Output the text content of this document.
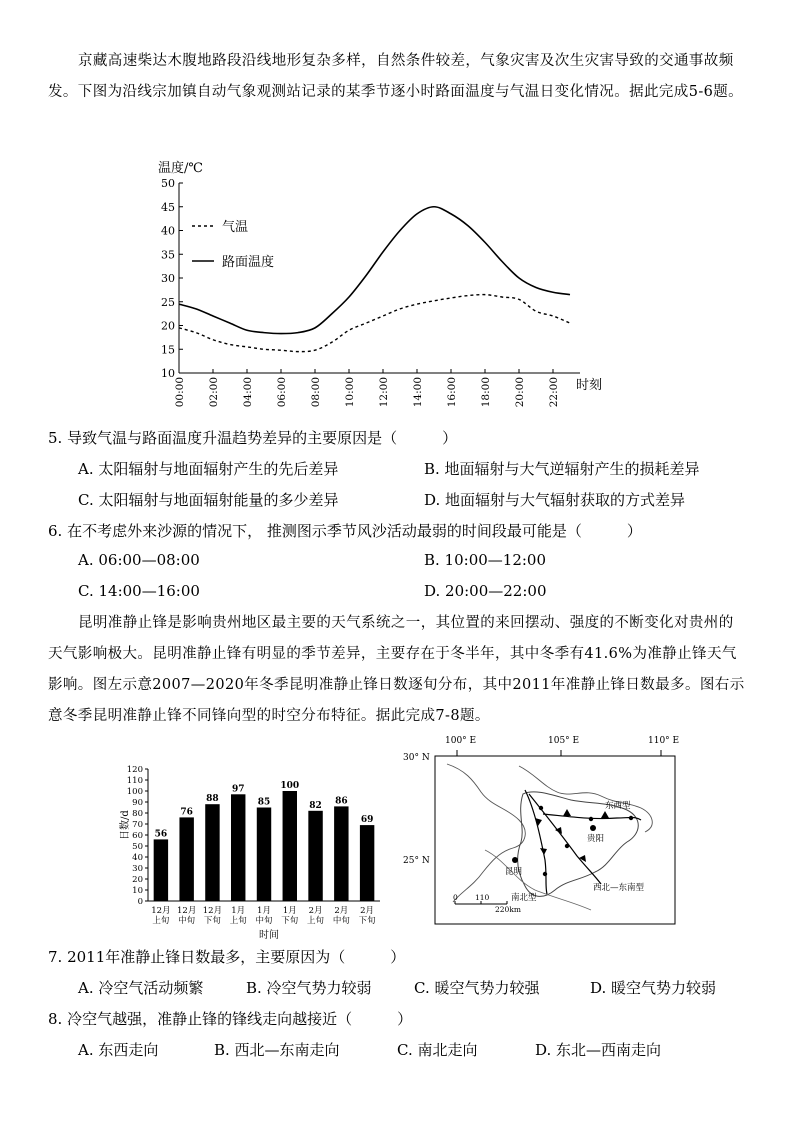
京藏高速柴达木腹地路段沿线地形复杂多样，自然条件较差，气象灾害及次生灾害导致的交通事故频发。下图为沿线宗加镇自动气象观测站记录的某季节逐小时路面温度与气温日变化情况。据此完成5-6题。
温度/℃
时刻
10
15
20
25
30
35
40
45
50
00:00 02:00 04:00 06:00 08:00 10:00 12:00 14:00 16:00 18:00 20:00 22:00
气温
路面温度
5. 导致气温与路面温度升温趋势差异的主要原因是（　　　）
A. 太阳辐射与地面辐射产生的先后差异	B. 地面辐射与大气逆辐射产生的损耗差异
C. 太阳辐射与地面辐射能量的多少差异	D. 地面辐射与大气辐射获取的方式差异
6. 在不考虑外来沙源的情况下， 推测图示季节风沙活动最弱的时间段最可能是（　　　）
A. 06:00—08:00	B. 10:00—12:00
C. 14:00—16:00	D. 20:00—22:00
昆明准静止锋是影响贵州地区最主要的天气系统之一，其位置的来回摆动、强度的不断变化对贵州的天气影响极大。昆明准静止锋有明显的季节差异，主要存在于冬半年，其中冬季有41.6%为准静止锋天气影响。图左示意2007—2020年冬季昆明准静止锋日数逐旬分布，其中2011年准静止锋日数最多。图右示意冬季昆明准静止锋不同锋向型的时空分布特征。据此完成7-8题。
日数/d
时间
0
10
20
30
40
50
60
70
80
90
100
110
120
56
12月
上旬
76
12月
中旬
88
12月
下旬
97
1月
上旬
85
1月
中旬
100
1月
下旬
82
2月
上旬
86
2月
中旬
69
2月
下旬
100° E	105° E	110° E
30° N
25° N
贵阳
昆明
东西型
南北型
西北—东南型
0 110
220km
7. 2011年准静止锋日数最多，主要原因为（　　　）
A. 冷空气活动频繁	B. 冷空气势力较弱	C. 暖空气势力较强	D. 暖空气势力较弱
8. 冷空气越强，准静止锋的锋线走向越接近（　　　）
A. 东西走向	B. 西北—东南走向	C. 南北走向	D. 东北—西南走向
